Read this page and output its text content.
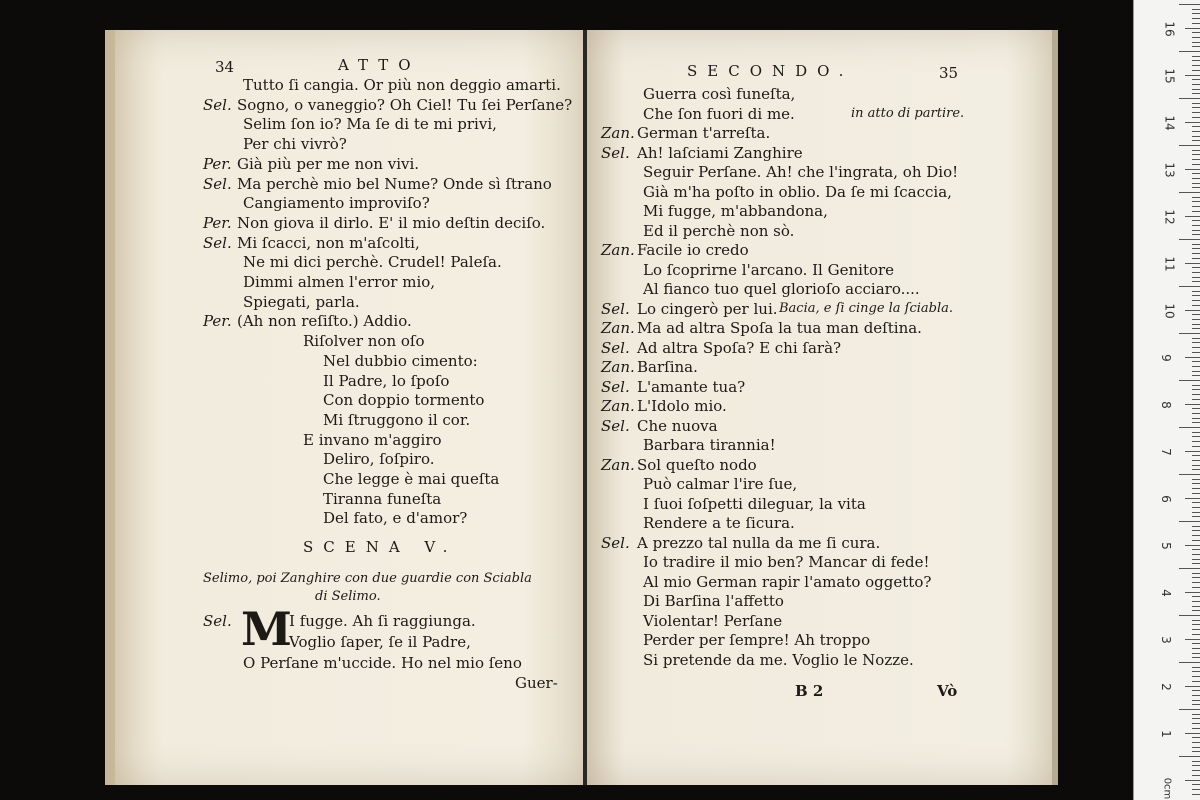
34	ATTO
Tutto ſi cangia. Or più non deggio amarti.
Sel. Sogno, o vaneggio? Oh Ciel! Tu ſei Perſane?
Selim ſon io? Ma ſe di te mi privi,
Per chi vivrò?
Per. Già più per me non vivi.
Sel. Ma perchè mio bel Nume? Onde sì ſtrano
Cangiamento improviſo?
Per. Non giova il dirlo. E' il mio deſtin deciſo.
Sel. Mi ſcacci, non m'aſcolti,
Ne mi dici perchè. Crudel! Paleſa.
Dimmi almen l'error mio,
Spiegati, parla.
Per. (Ah non reſiſto.) Addio.
Riſolver non oſo
Nel dubbio cimento:
Il Padre, lo ſpoſo
Con doppio tormento
Mi ſtruggono il cor.
E invano m'aggiro
Deliro, ſoſpiro.
Che legge è mai queſta
Tiranna funeſta
Del fato, e d'amor?
SCENA V.
Selimo, poi Zanghire con due guardie con Sciabla
di Selimo.
Sel. M
I fugge. Ah ſi raggiunga.
Voglio ſaper, ſe il Padre,
O Perſane m'uccide. Ho nel mio ſeno
Guer-
SECONDO.	35
Guerra così funeſta,
Che ſon fuori di me.	in atto di partire.
Zan. German t'arreſta.
Sel. Ah! laſciami Zanghire
Seguir Perſane. Ah! che l'ingrata, oh Dio!
Già m'ha poſto in oblio. Da ſe mi ſcaccia,
Mi fugge, m'abbandona,
Ed il perchè non sò.
Zan. Facile io credo
Lo ſcoprirne l'arcano. Il Genitore
Al fianco tuo quel glorioſo acciaro....
Sel. Lo cingerò per lui. Bacia, e ſi cinge la ſciabla.
Zan. Ma ad altra Spoſa la tua man deſtina.
Sel. Ad altra Spoſa? E chi ſarà?
Zan. Barſina.
Sel. L'amante tua?
Zan. L'Idolo mio.
Sel. Che nuova
Barbara tirannia!
Zan. Sol queſto nodo
Può calmar l'ire ſue,
I ſuoi ſoſpetti dileguar, la vita
Rendere a te ſicura.
Sel. A prezzo tal nulla da me ſi cura.
Io tradire il mio ben? Mancar di fede!
Al mio German rapir l'amato oggetto?
Di Barſina l'affetto
Violentar! Perſane
Perder per ſempre! Ah troppo
Si pretende da me. Voglio le Nozze.
B 2	Vò
0cm
16
15
14
13
12
11
10
9
8
7
6
5
4
3
2
1
